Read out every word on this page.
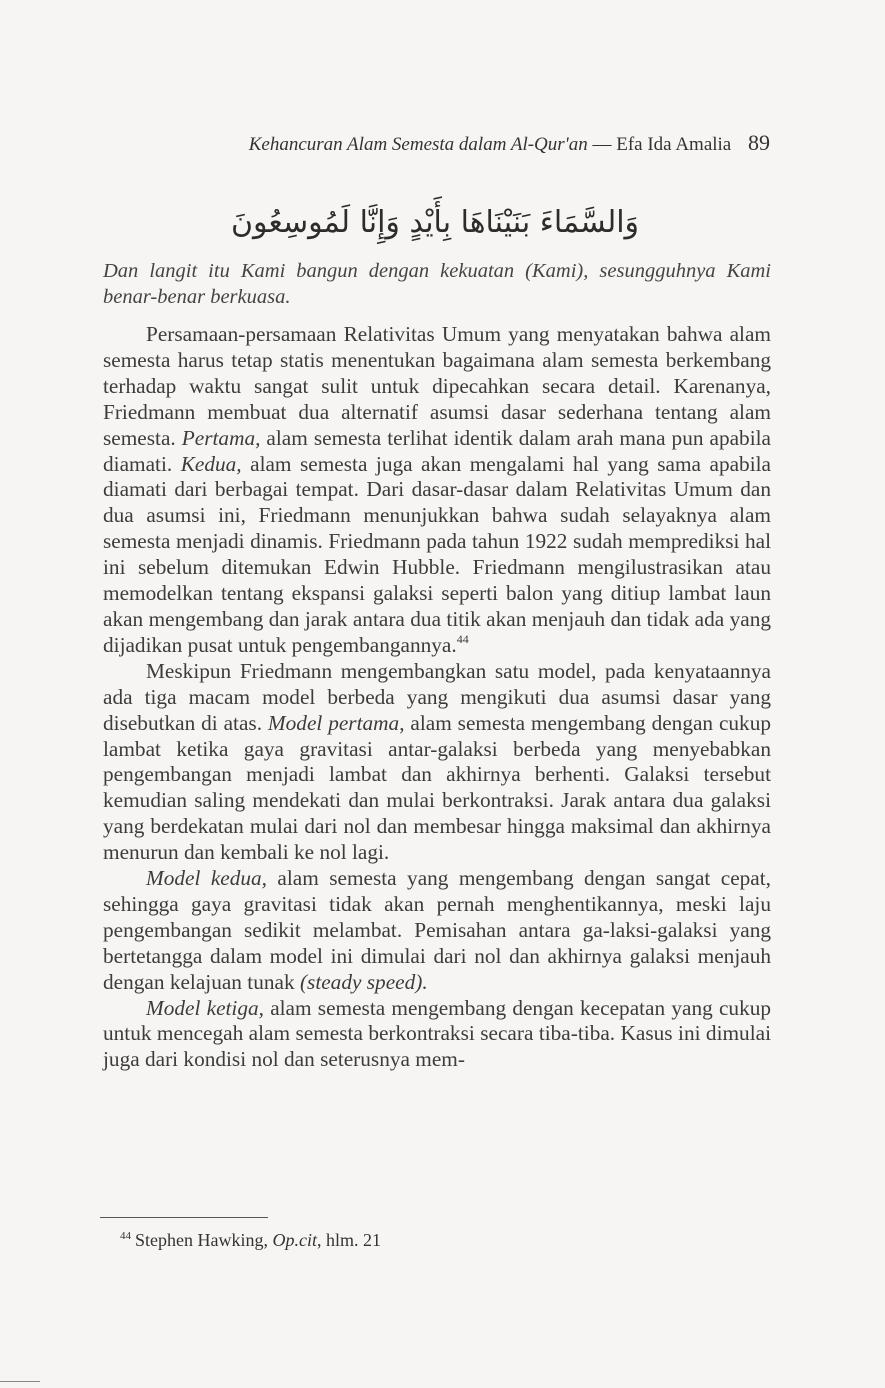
Kehancuran Alam Semesta dalam Al-Qur'an — Efa Ida Amalia 89
وَالسَّمَاءَ بَنَيْنَاهَا بِأَيْدٍ وَإِنَّا لَمُوسِعُونَ
Dan langit itu Kami bangun dengan kekuatan (Kami), sesungguhnya Kami benar-benar berkuasa.

Persamaan-persamaan Relativitas Umum yang menyatakan bahwa alam semesta harus tetap statis menentukan bagaimana alam semesta berkembang terhadap waktu sangat sulit untuk dipecahkan secara detail. Karenanya, Friedmann membuat dua alternatif asumsi dasar sederhana tentang alam semesta. Pertama, alam semesta terlihat identik dalam arah mana pun apabila diamati. Kedua, alam semesta juga akan mengalami hal yang sama apabila diamati dari berbagai tempat. Dari dasar-dasar dalam Relativitas Umum dan dua asumsi ini, Friedmann menunjukkan bahwa sudah selayaknya alam semesta menjadi dinamis. Friedmann pada tahun 1922 sudah memprediksi hal ini sebelum ditemukan Edwin Hubble. Friedmann mengilustrasikan atau memodelkan tentang ekspansi galaksi seperti balon yang ditiup lambat laun akan mengembang dan jarak antara dua titik akan menjauh dan tidak ada yang dijadikan pusat untuk pengembangannya.$^{44}$

Meskipun Friedmann mengembangkan satu model, pada kenyataannya ada tiga macam model berbeda yang mengikuti dua asumsi dasar yang disebutkan di atas. Model pertama, alam semesta mengembang dengan cukup lambat ketika gaya gravitasi antar-galaksi berbeda yang menyebabkan pengembangan menjadi lambat dan akhirnya berhenti. Galaksi tersebut kemudian saling mendekati dan mulai berkontraksi. Jarak antara dua galaksi yang berdekatan mulai dari nol dan membesar hingga maksimal dan akhirnya menurun dan kembali ke nol lagi.

Model kedua, alam semesta yang mengembang dengan sangat cepat, sehingga gaya gravitasi tidak akan pernah menghentikannya, meski laju pengembangan sedikit melambat. Pemisahan antara ga-laksi-galaksi yang bertetangga dalam model ini dimulai dari nol dan akhirnya galaksi menjauh dengan kelajuan tunak (steady speed).

Model ketiga, alam semesta mengembang dengan kecepatan yang cukup untuk mencegah alam semesta berkontraksi secara tiba-tiba. Kasus ini dimulai juga dari kondisi nol dan seterusnya mem-

$^{44}$ Stephen Hawking, Op.cit, hlm. 21
